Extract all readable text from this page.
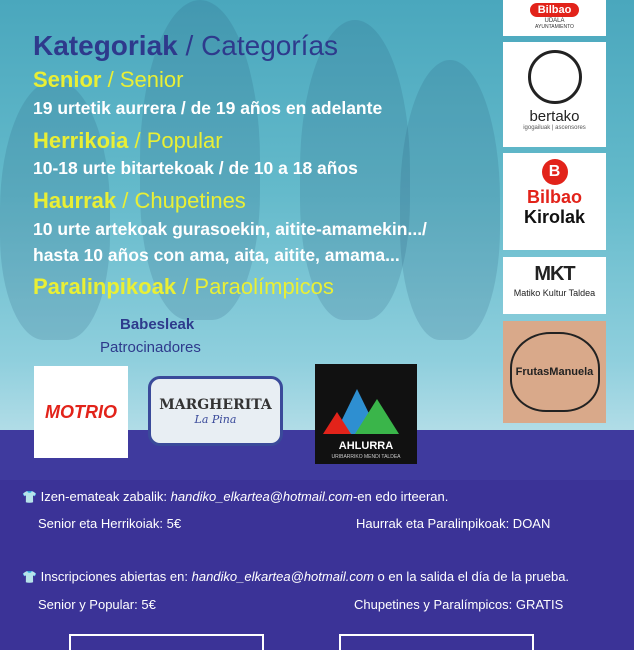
Kategoriak / Categorías
Senior / Senior
19 urtetik aurrera / de 19 años en adelante
Herrikoia / Popular
10-18 urte bitartekoak / de 10 a 18 años
Haurrak / Chupetines
10 urte artekoak gurasoekin, aitite-amamekin.../
hasta 10 años con ama, aita, aitite, amama...
Paralinpikoak / Paraolímpicos
Babesleak
Patrocinadores
MOTRIO	MARGHERITA
La Pina
AHLURRA
URIBARRIKO MENDI TALDEA
Bilbao
UDALA
AYUNTAMIENTO
bertako
igogailuak | ascensores
B
Bilbao
Kirolak
MKT
Matiko Kultur Taldea
FrutasManuela
👕 Izen-emateak zabalik: handiko_elkartea@hotmail.com-en edo irteeran.
Senior eta Herrikoiak: 5€	Haurrak eta Paralinpikoak: DOAN
👕 Inscripciones abiertas en: handiko_elkartea@hotmail.com o en la salida el día de la prueba.
Senior y Popular: 5€	Chupetines y Paralímpicos: GRATIS
